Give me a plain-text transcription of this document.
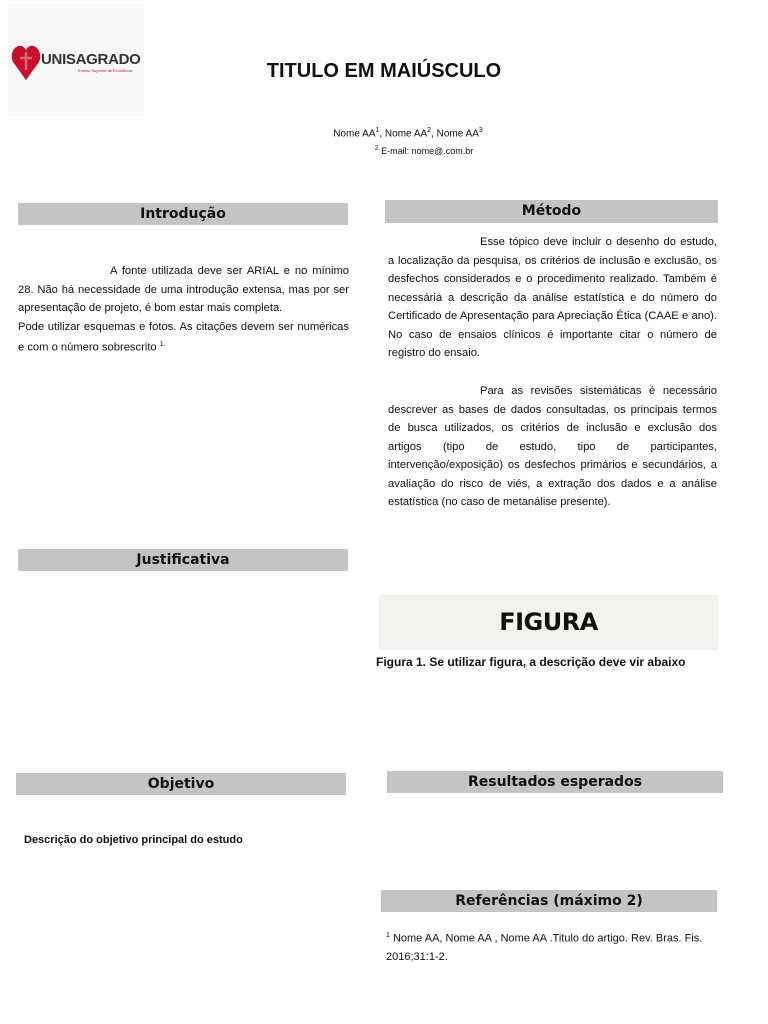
UNISAGRADO
Ensino Superior de Excelência	TITULO EM MAIÚSCULO
Nome $AA^1$, Nome $AA^2$, Nome $AA^3$
$^2$ E-mail: nome@.com.br
Introdução
A fonte utilizada deve ser ARIAL e no mínimo 28. Não há necessidade de uma introdução extensa, mas por ser apresentação de projeto, é bom estar mais completa.
Pode utilizar esquemas e fotos. As citações devem ser numéricas e com o número sobrescrito $^{1.}$
Método
Esse tópico deve incluir o desenho do estudo, a localização da pesquisa, os critérios de inclusão e exclusão, os desfechos considerados e o procedimento realizado. Também é necessária a descrição da análise estatística e do número do Certificado de Apresentação para Apreciação Ética (CAAE e ano). No caso de ensaios clínicos é importante citar o número de registro do ensaio.
Para as revisões sistemáticas é necessário descrever as bases de dados consultadas, os principais termos de busca utilizados, os critérios de inclusão e exclusão dos artigos (tipo de estudo, tipo de participantes, intervenção/exposição) os desfechos primários e secundários, a avaliação do risco de viés, a extração dos dados e a análise estatística (no caso de metanálise presente).
Justificativa
FIGURA
Figura 1. Se utilizar figura, a descrição deve vir abaixo
Objetivo
Descrição do objetivo principal do estudo.
Resultados esperados
Referências (máximo 2)
$^1$ Nome AA, Nome AA , Nome AA .Titulo do artigo. Rev. Bras. Fis. 2016;31:1-2.
